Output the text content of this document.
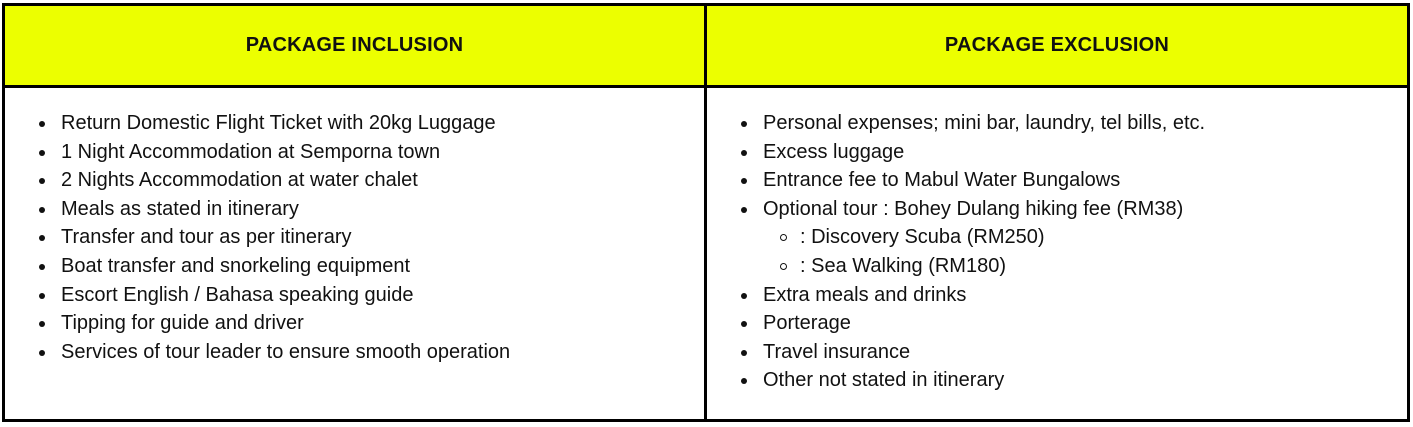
PACKAGE INCLUSION	PACKAGE EXCLUSION
Return Domestic Flight Ticket with 20kg Luggage
1 Night Accommodation at Semporna town
2 Nights Accommodation at water chalet
Meals as stated in itinerary
Transfer and tour as per itinerary
Boat transfer and snorkeling equipment
Escort English / Bahasa speaking guide
Tipping for guide and driver
Services of tour leader to ensure smooth operation
Personal expenses; mini bar, laundry, tel bills, etc.
Excess luggage
Entrance fee to Mabul Water Bungalows
Optional tour : Bohey Dulang hiking fee (RM38)
: Discovery Scuba (RM250)
: Sea Walking (RM180)
Extra meals and drinks
Porterage
Travel insurance
Other not stated in itinerary
